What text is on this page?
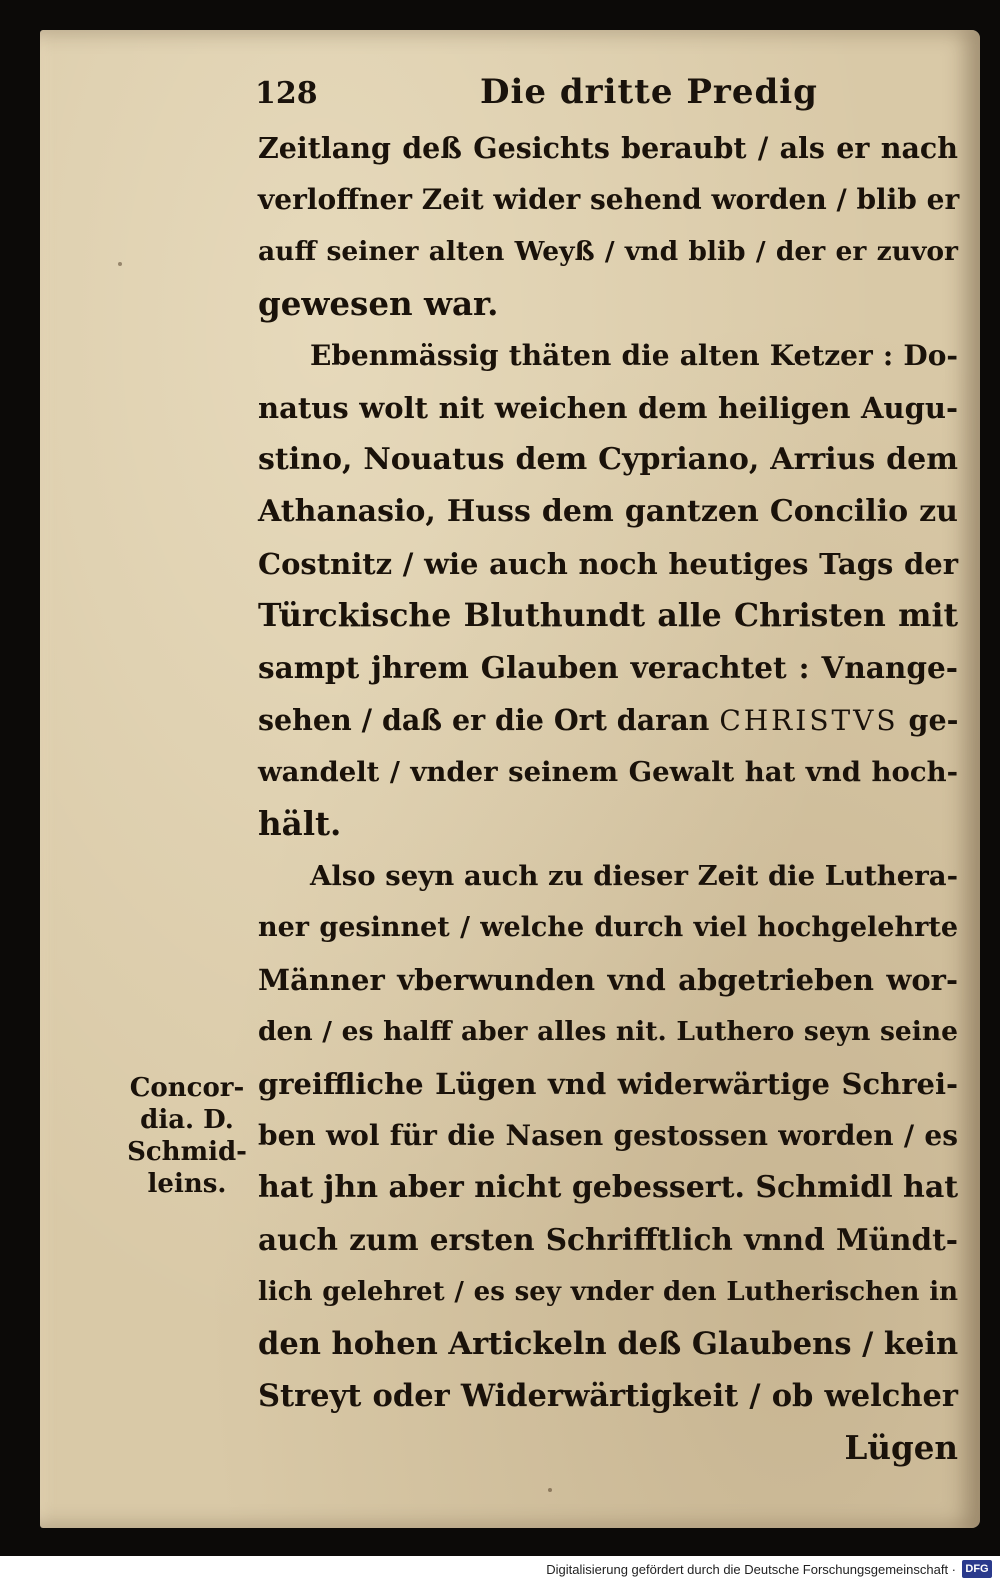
128	Die dritte Predig
Zeitlang deß Gesichts beraubt / als er nach
verloffner Zeit wider sehend worden / blib er
auff seiner alten Weyß / vnd blib / der er zuvor
gewesen war.
Ebenmässig thäten die alten Ketzer : Do-
natus wolt nit weichen dem heiligen Augu-
stino, Nouatus dem Cypriano, Arrius dem
Athanasio, Huss dem gantzen Concilio zu
Costnitz / wie auch noch heutiges Tags der
Türckische Bluthundt alle Christen mit
sampt jhrem Glauben verachtet : Vnange-
sehen / daß er die Ort daran CHRISTVS ge-
wandelt / vnder seinem Gewalt hat vnd hoch-
hält.
Also seyn auch zu dieser Zeit die Luthera-
ner gesinnet / welche durch viel hochgelehrte
Männer vberwunden vnd abgetrieben wor-
den / es halff aber alles nit. Luthero seyn seine
greiffliche Lügen vnd widerwärtige Schrei-
ben wol für die Nasen gestossen worden / es
hat jhn aber nicht gebessert. Schmidl hat
auch zum ersten Schrifftlich vnnd Mündt-
lich gelehret / es sey vnder den Lutherischen in
den hohen Artickeln deß Glaubens / kein
Streyt oder Widerwärtigkeit / ob welcher
Lügen
Concor-
dia. D.
Schmid-
leins.
Digitalisierung gefördert durch die Deutsche Forschungsgemeinschaft · DFG
